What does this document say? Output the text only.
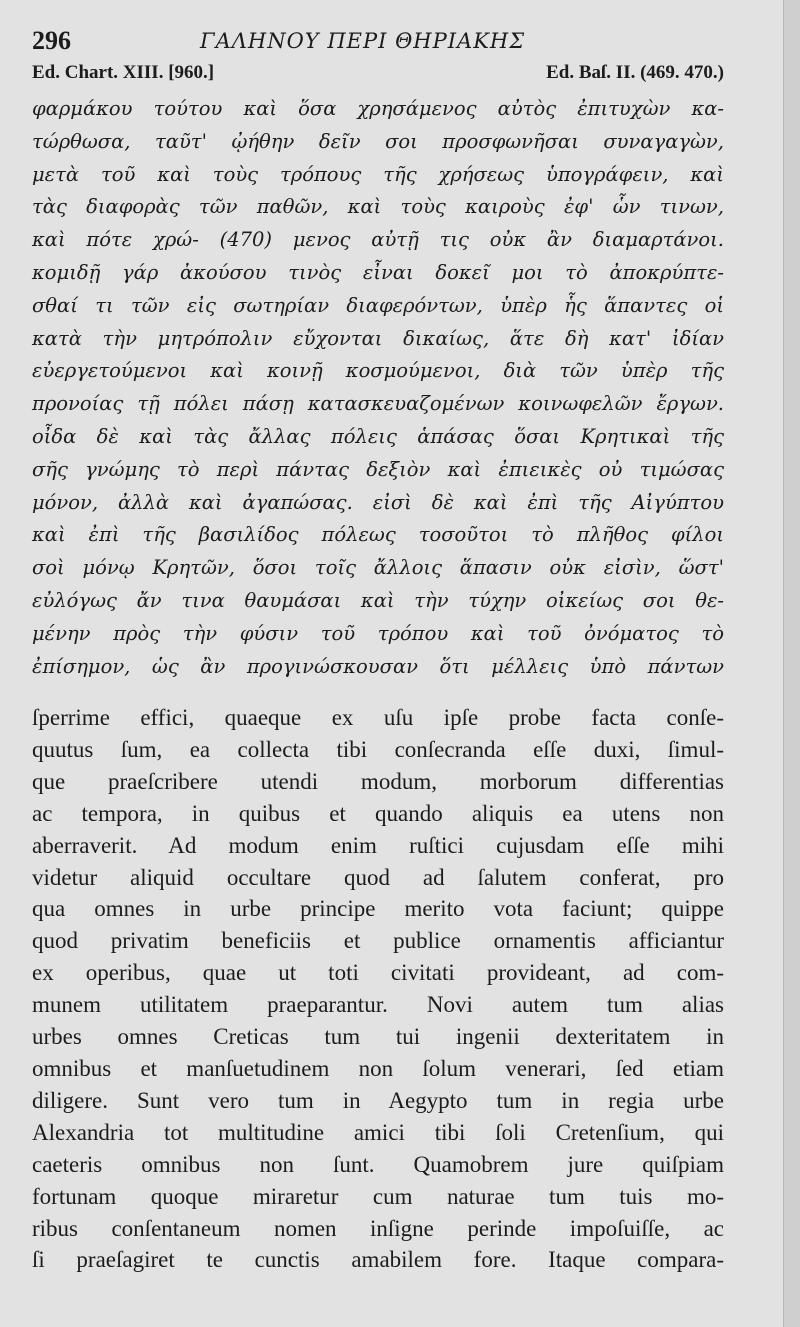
296	ΓΑΛΗΝΟΥ ΠΕΡΙ ΘΗΡΙΑΚΗΣ
Ed. Chart. XIII. [960.]	Ed. Baſ. II. (469. 470.)
φαρμάκου τούτου καὶ ὅσα χρησάμενος αὐτὸς ἐπιτυχὼν κα-
τώρθωσα, ταῦτ' ᾠήθην δεῖν σοι προσφωνῆσαι συναγαγὼν,
μετὰ τοῦ καὶ τοὺς τρόπους τῆς χρήσεως ὑπογράφειν, καὶ
τὰς διαφορὰς τῶν παθῶν, καὶ τοὺς καιροὺς ἐφ' ὧν τινων,
καὶ πότε χρώ- (470) μενος αὐτῇ τις οὐκ ἂν διαμαρτάνοι.
κομιδῇ γάρ ἀκούσου τινὸς εἶναι δοκεῖ μοι τὸ ἀποκρύπτε-
σθαί τι τῶν εἰς σωτηρίαν διαφερόντων, ὑπὲρ ἧς ἅπαντες οἱ
κατὰ τὴν μητρόπολιν εὔχονται δικαίως, ἅτε δὴ κατ' ἰδίαν
εὐεργετούμενοι καὶ κοινῇ κοσμούμενοι, διὰ τῶν ὑπὲρ τῆς
προνοίας τῇ πόλει πάσῃ κατασκευαζομένων κοινωφελῶν ἔργων.
οἶδα δὲ καὶ τὰς ἄλλας πόλεις ἁπάσας ὅσαι Κρητικαὶ τῆς
σῆς γνώμης τὸ περὶ πάντας δεξιὸν καὶ ἐπιεικὲς οὐ τιμώσας
μόνον, ἀλλὰ καὶ ἀγαπώσας. εἰσὶ δὲ καὶ ἐπὶ τῆς Αἰγύπτου
καὶ ἐπὶ τῆς βασιλίδος πόλεως τοσοῦτοι τὸ πλῆθος φίλοι
σοὶ μόνῳ Κρητῶν, ὅσοι τοῖς ἄλλοις ἅπασιν οὐκ εἰσὶν, ὥστ'
εὐλόγως ἄν τινα θαυμάσαι καὶ τὴν τύχην οἰκείως σοι θε-
μένην πρὸς τὴν φύσιν τοῦ τρόπου καὶ τοῦ ὀνόματος τὸ
ἐπίσημον, ὡς ἂν προγινώσκουσαν ὅτι μέλλεις ὑπὸ πάντων
ſperrime effici, quaeque ex uſu ipſe probe facta conſe-
quutus ſum, ea collecta tibi conſecranda eſſe duxi, ſimul-
que praeſcribere utendi modum, morborum differentias
ac tempora, in quibus et quando aliquis ea utens non
aberraverit. Ad modum enim ruſtici cujusdam eſſe mihi
videtur aliquid occultare quod ad ſalutem conferat, pro
qua omnes in urbe principe merito vota faciunt; quippe
quod privatim beneficiis et publice ornamentis afficiantur
ex operibus, quae ut toti civitati provideant, ad com-
munem utilitatem praeparantur. Novi autem tum alias
urbes omnes Creticas tum tui ingenii dexteritatem in
omnibus et manſuetudinem non ſolum venerari, ſed etiam
diligere. Sunt vero tum in Aegypto tum in regia urbe
Alexandria tot multitudine amici tibi ſoli Cretenſium, qui
caeteris omnibus non ſunt. Quamobrem jure quiſpiam
fortunam quoque miraretur cum naturae tum tuis mo-
ribus conſentaneum nomen inſigne perinde impoſuiſſe, ac
ſi praeſagiret te cunctis amabilem fore. Itaque compara-
